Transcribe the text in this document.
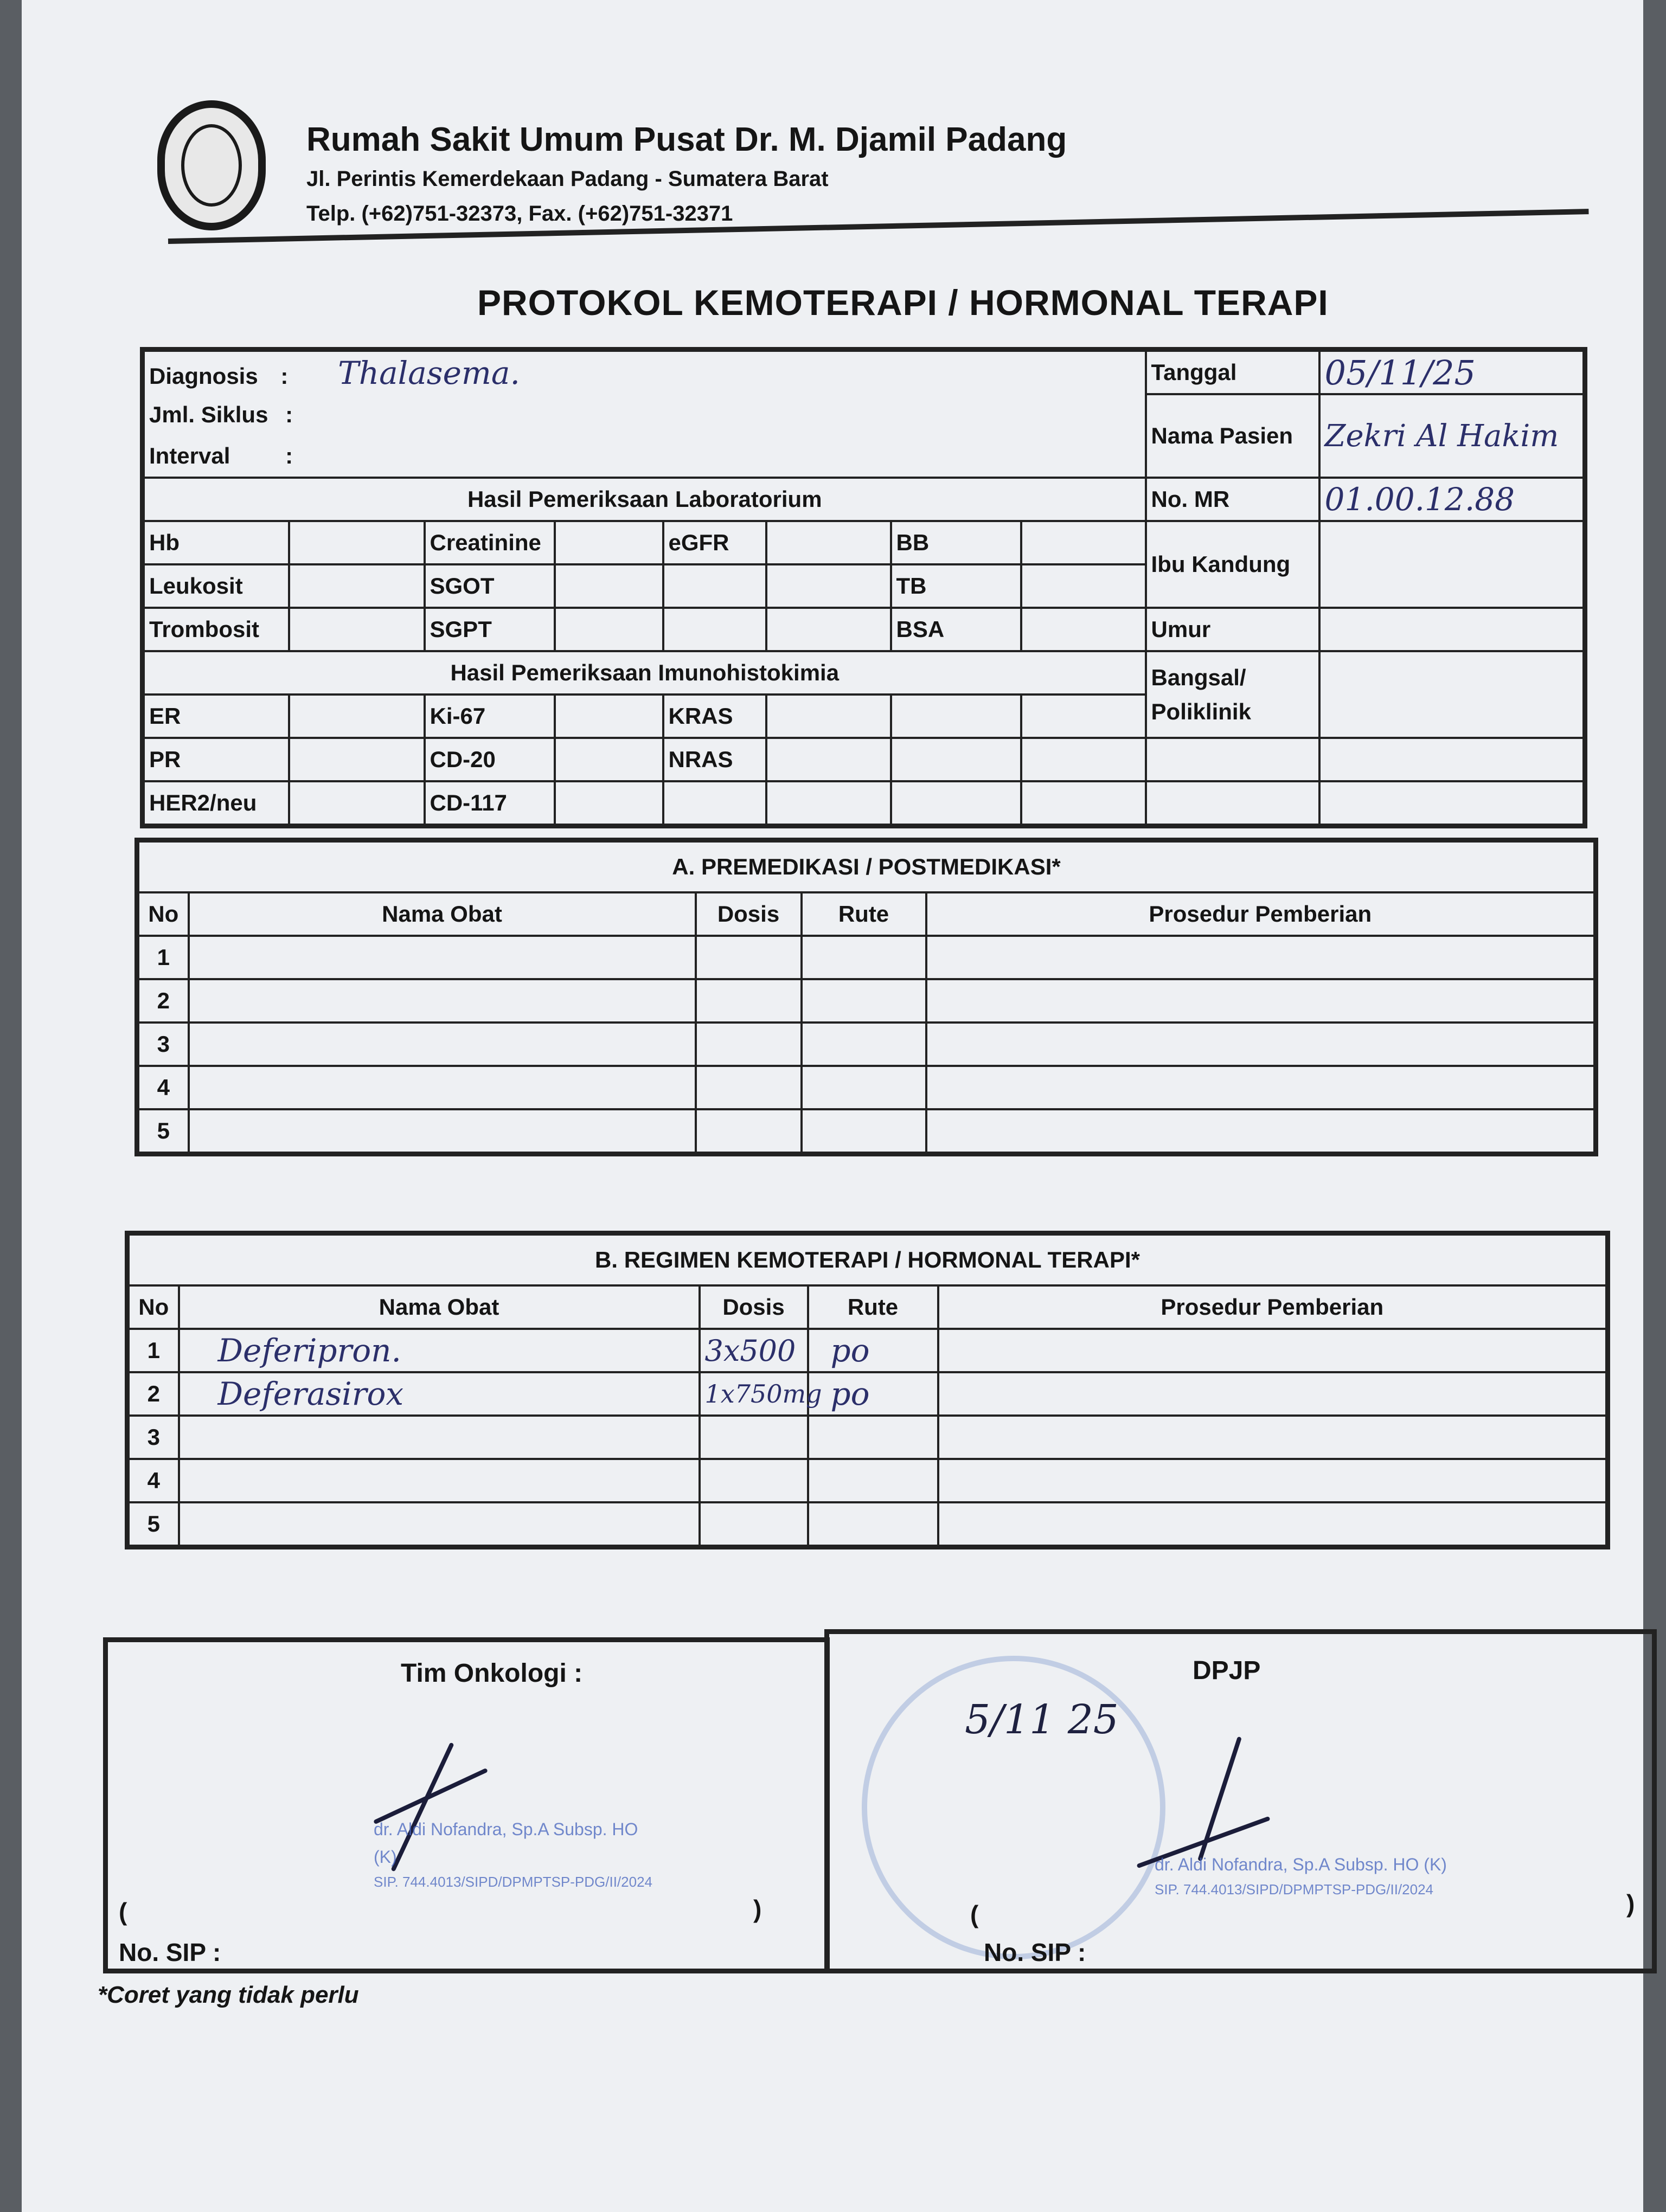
Rumah Sakit Umum Pusat Dr. M. Djamil Padang
Jl. Perintis Kemerdekaan Padang - Sumatera Barat
Telp. (+62)751-32373, Fax. (+62)751-32371
PROTOKOL KEMOTERAPI / HORMONAL TERAPI
Diagnosis : Thalasema.								Tanggal	05/11/25
Jml. Siklus :								Nama Pasien	Zekri Al Hakim
Interval :									
Hasil Pemeriksaan Laboratorium								No. MR	01.00.12.88
Hb		Creatinine		eGFR		BB		Ibu Kandung	
Leukosit		SGOT				TB			
Trombosit		SGPT				BSA		Umur	
Hasil Pemeriksaan Imunohistokimia								Bangsal/
Poliklinik	

ER		Ki-67		KRAS					
PR		CD-20		NRAS					
HER2/neu		CD-117							
A. PREMEDIKASI / POSTMEDIKASI*				
No	Nama Obat	Dosis	Rute	Prosedur Pemberian
1				
2				
3				
4				
5				
B. REGIMEN KEMOTERAPI / HORMONAL TERAPI*				
No	Nama Obat	Dosis	Rute	Prosedur Pemberian
1	Deferipron.	3x500	po	
2	Deferasirox	1x750mg	po	
3				
4				
5				
Tim Onkologi :
dr. Aldi Nofandra, Sp.A Subsp. HO (K)
SIP. 744.4013/SIPD/DPMPTSP-PDG/II/2024
(	)
No. SIP :
DPJP
5/11 25
dr. Aldi Nofandra, Sp.A Subsp. HO (K)
SIP. 744.4013/SIPD/DPMPTSP-PDG/II/2024
(	)
No. SIP :
*Coret yang tidak perlu
